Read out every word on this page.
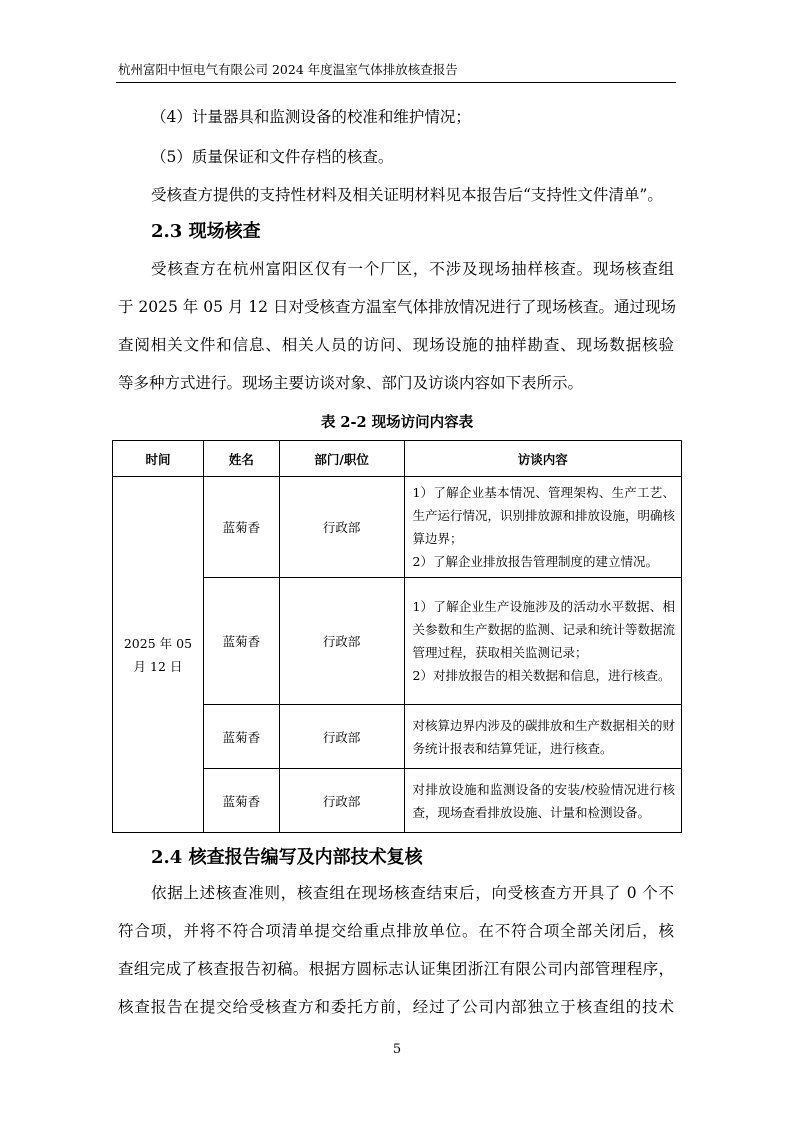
杭州富阳中恒电气有限公司 2024 年度温室气体排放核查报告
（4）计量器具和监测设备的校准和维护情况；
（5）质量保证和文件存档的核查。
受核查方提供的支持性材料及相关证明材料见本报告后“支持性文件清单”。
2.3 现场核查
受核查方在杭州富阳区仅有一个厂区，不涉及现场抽样核查。现场核查组
于 2025 年 05 月 12 日对受核查方温室气体排放情况进行了现场核查。通过现场
查阅相关文件和信息、相关人员的访问、现场设施的抽样勘查、现场数据核验
等多种方式进行。现场主要访谈对象、部门及访谈内容如下表所示。
表 2-2 现场访问内容表
时间	姓名	部门/职位	访谈内容
2025 年 05 月 12 日	蓝菊香	行政部	1）了解企业基本情况、管理架构、生产工艺、生产运行情况，识别排放源和排放设施，明确核算边界；
2）了解企业排放报告管理制度的建立情况。

	蓝菊香	行政部	1）了解企业生产设施涉及的活动水平数据、相关参数和生产数据的监测、记录和统计等数据流管理过程，获取相关监测记录；
2）对排放报告的相关数据和信息，进行核查。

	蓝菊香	行政部	对核算边界内涉及的碳排放和生产数据相关的财务统计报表和结算凭证，进行核查。

	蓝菊香	行政部	对排放设施和监测设备的安装/校验情况进行核查，现场查看排放设施、计量和检测设备。
2.4 核查报告编写及内部技术复核
依据上述核查准则，核查组在现场核查结束后，向受核查方开具了 0 个不
符合项，并将不符合项清单提交给重点排放单位。在不符合项全部关闭后，核
查组完成了核查报告初稿。根据方圆标志认证集团浙江有限公司内部管理程序，
核查报告在提交给受核查方和委托方前，经过了公司内部独立于核查组的技术
5
